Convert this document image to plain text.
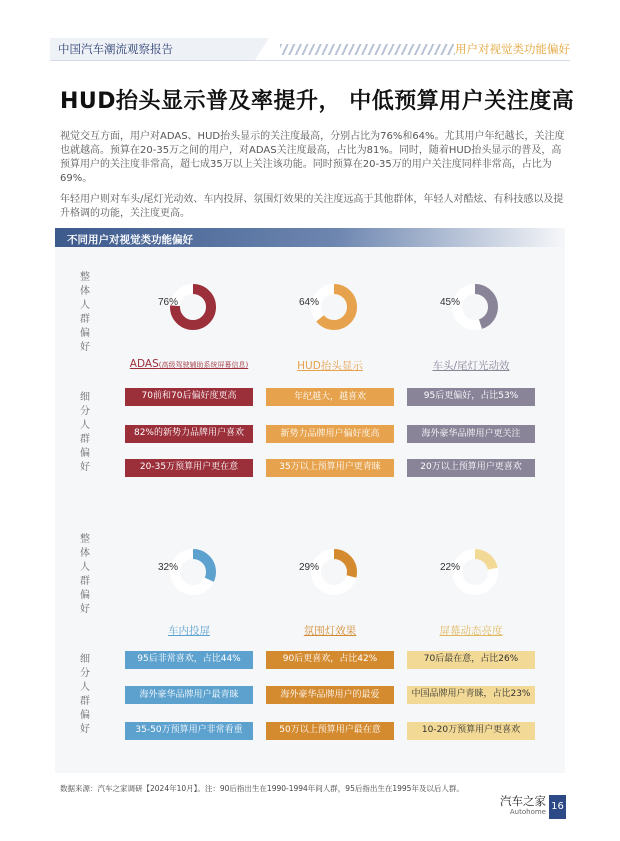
中国汽车潮流观察报告	用户对视觉类功能偏好
HUD抬头显示普及率提升， 中低预算用户关注度高
视觉交互方面，用户对ADAS、HUD抬头显示的关注度最高，分别占比为76%和64%。尤其用户年纪越长，关注度也就越高。预算在20-35万之间的用户，对ADAS关注度最高，占比为81%。同时，随着HUD抬头显示的普及，高预算用户的关注度非常高，超七成35万以上关注该功能。同时预算在20-35万的用户关注度同样非常高，占比为69%。
年轻用户则对车头/尾灯光动效、车内投屏、氛围灯效果的关注度远高于其他群体，年轻人对酷炫、有科技感以及提升格调的功能，关注度更高。
不同用户对视觉类功能偏好
整体人群偏好
细分人群偏好
整体人群偏好
细分人群偏好
76%
ADAS(高级驾驶辅助系统屏幕信息)
70前和70后偏好度更高
82%的新势力品牌用户喜欢
20-35万预算用户更在意
64%
HUD抬头显示
年纪越大，越喜欢
新势力品牌用户偏好度高
35万以上预算用户更青睐
45%
车头/尾灯光动效
95后更偏好，占比53%
海外豪华品牌用户更关注
20万以上预算用户更喜欢
32%
车内投屏
95后非常喜欢，占比44%
海外豪华品牌用户最青睐
35-50万预算用户非常看重
29%
氛围灯效果
90后更喜欢，占比42%
海外豪华品牌用户的最爱
50万以上预算用户最在意
22%
屏幕动态亮度
70后最在意，占比26%
中国品牌用户青睐，占比23%
10-20万预算用户更喜欢
数据来源：汽车之家调研【2024年10月】。注：90后指出生在1990-1994年间人群，95后指出生在1995年及以后人群。
汽车之家
Autohome 16
